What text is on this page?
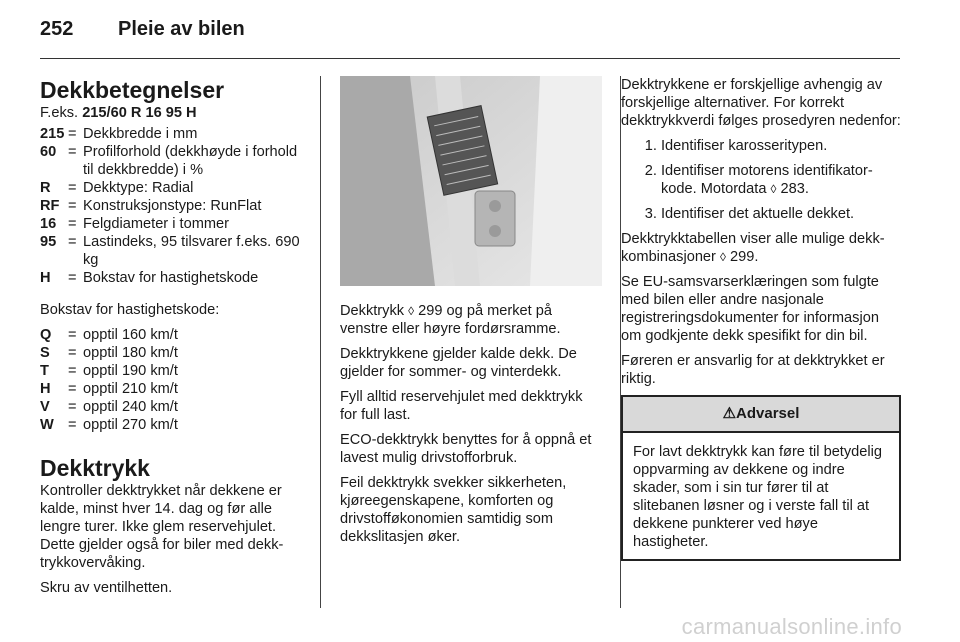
252 Pleie av bilen
Dekkbetegnelser
F.eks. 215/60 R 16 95 H
215 = Dekkbredde i mm
60 = Profilforhold (dekkhøyde i forhold til dekkbredde) i %
R	= Dekktype: Radial
RF = Konstruksjonstype: RunFlat
16 = Felgdiameter i tommer
95 = Lastindeks, 95 tilsvarer f.eks. 690 kg
H	= Bokstav for hastighetskode

Bokstav for hastighetskode:

Q	= opptil 160 km/t
S	= opptil 180 km/t
T	= opptil 190 km/t
H	= opptil 210 km/t
V	= opptil 240 km/t
W = opptil 270 km/t
Dekktrykk

Kontroller dekktrykket når dekkene er kalde, minst hver 14. dag og før alle lengre turer. Ikke glem reservehjulet. Dette gjelder også for biler med dekktrykkovervåking.

Skru av ventilhetten.

Dekktrykk ◊ 299 og på merket på venstre eller høyre fordørsramme.

Dekktrykkene gjelder kalde dekk. De gjelder for sommer- og vinterdekk.

Fyll alltid reservehjulet med dekktrykk for full last.

ECO-dekktrykk benyttes for å oppnå et lavest mulig drivstofforbruk.

Feil dekktrykk svekker sikkerheten, kjøreegenskapene, komforten og drivstofføkonomien samtidig som dekkslitasjen øker.

Dekktrykkene er forskjellige avhengig av forskjellige alternativer. For korrekt dekktrykkverdi følges prosedyren nedenfor:

1. Identifiser karosseritypen.
2. Identifiser motorens identifikatorkode. Motordata ◊ 283.
3. Identifiser det aktuelle dekket.

Dekktrykktabellen viser alle mulige dekk-kombinasjoner ◊ 299.

Se EU-samsvarserklæringen som fulgte med bilen eller andre nasjonale registreringsdokumenter for informasjon om godkjente dekk spesifikt for din bil.

Føreren er ansvarlig for at dekktrykket er riktig.

⚠Advarsel
For lavt dekktrykk kan føre til betydelig oppvarming av dekkene og indre skader, som i sin tur fører til at slitebanen løsner og i verste fall til at dekkene punkterer ved høye hastigheter.
carmanualsonline.info
